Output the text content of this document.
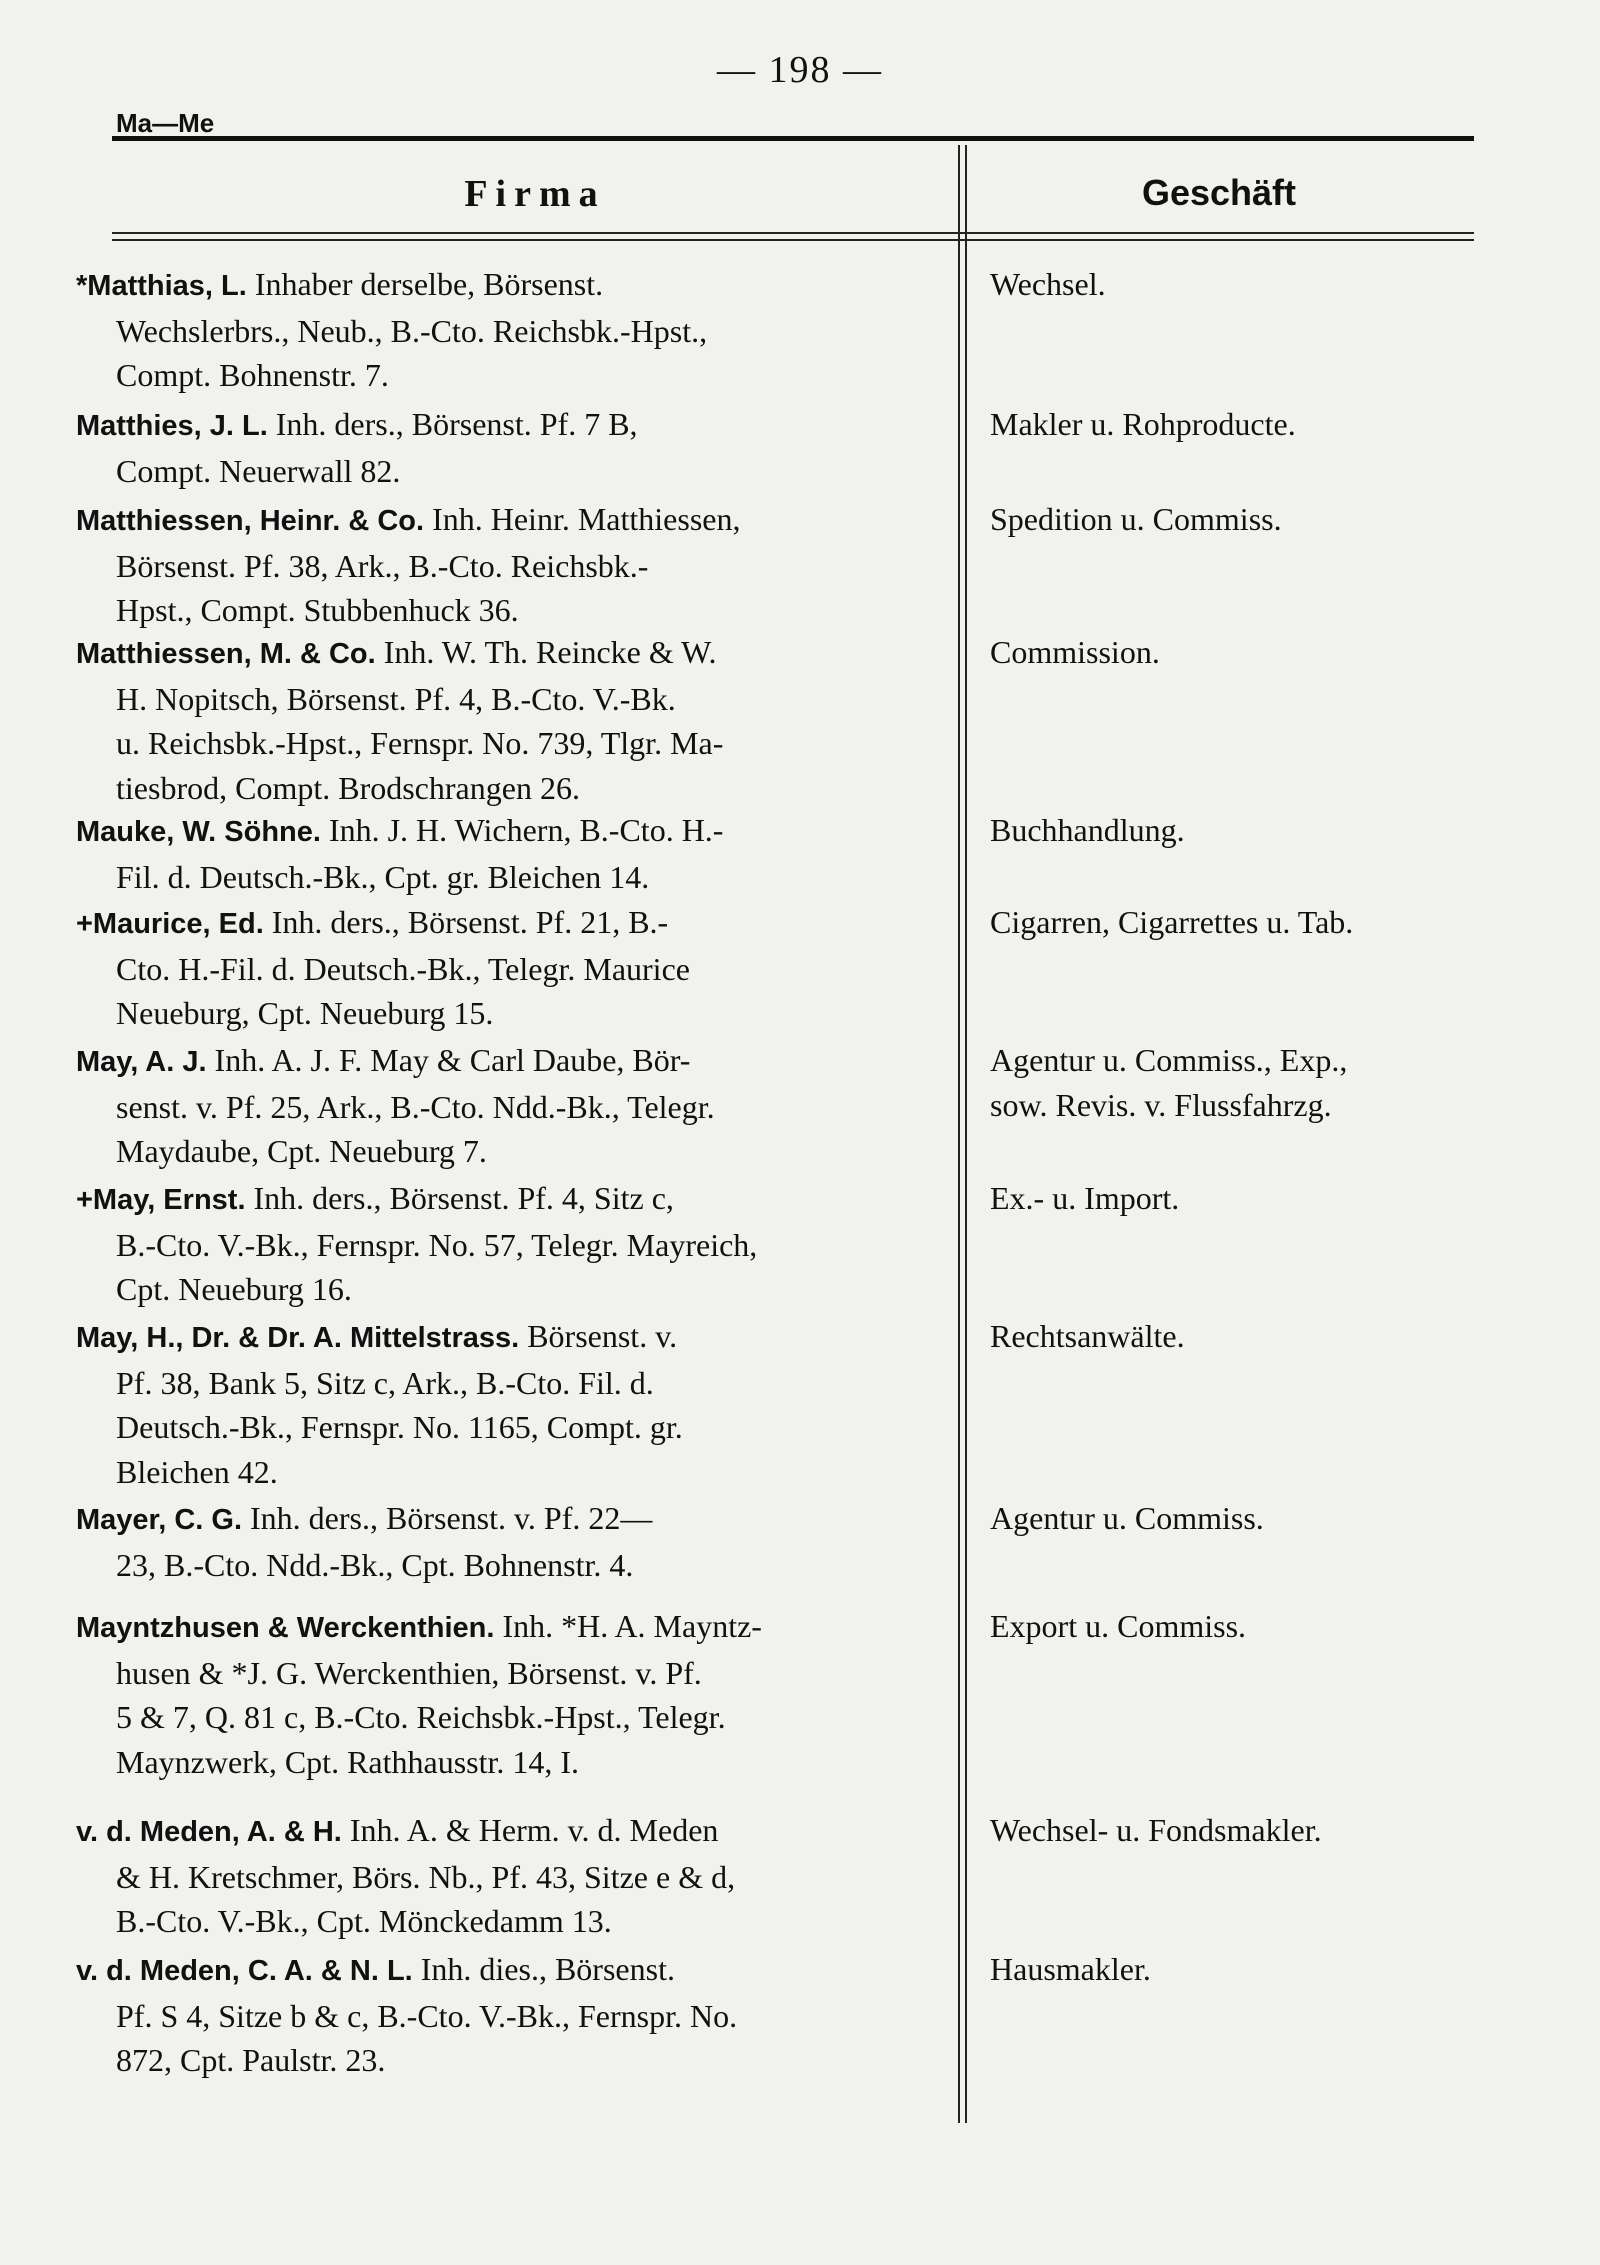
— 198 —
Ma—Me
Firma	Geschäft
*Matthias, L. Inhaber derselbe, Börsenst.
Wechslerbrs., Neub., B.-Cto. Reichsbk.-Hpst.,
Compt. Bohnenstr. 7.
Wechsel.
Matthies, J. L. Inh. ders., Börsenst. Pf. 7 B,
Compt. Neuerwall 82.
Makler u. Rohproducte.
Matthiessen, Heinr. & Co. Inh. Heinr. Matthiessen,
Börsenst. Pf. 38, Ark., B.-Cto. Reichsbk.-
Hpst., Compt. Stubbenhuck 36.
Spedition u. Commiss.
Matthiessen, M. & Co. Inh. W. Th. Reincke & W.
H. Nopitsch, Börsenst. Pf. 4, B.-Cto. V.-Bk.
u. Reichsbk.-Hpst., Fernspr. No. 739, Tlgr. Ma-
tiesbrod, Compt. Brodschrangen 26.
Commission.
Mauke, W. Söhne. Inh. J. H. Wichern, B.-Cto. H.-
Fil. d. Deutsch.-Bk., Cpt. gr. Bleichen 14.
Buchhandlung.
+Maurice, Ed. Inh. ders., Börsenst. Pf. 21, B.-
Cto. H.-Fil. d. Deutsch.-Bk., Telegr. Maurice
Neueburg, Cpt. Neueburg 15.
Cigarren, Cigarrettes u. Tab.
May, A. J. Inh. A. J. F. May & Carl Daube, Bör-
senst. v. Pf. 25, Ark., B.-Cto. Ndd.-Bk., Telegr.
Maydaube, Cpt. Neueburg 7.
Agentur u. Commiss., Exp.,
sow. Revis. v. Flussfahrzg.
+May, Ernst. Inh. ders., Börsenst. Pf. 4, Sitz c,
B.-Cto. V.-Bk., Fernspr. No. 57, Telegr. Mayreich,
Cpt. Neueburg 16.
Ex.- u. Import.
May, H., Dr. & Dr. A. Mittelstrass. Börsenst. v.
Pf. 38, Bank 5, Sitz c, Ark., B.-Cto. Fil. d.
Deutsch.-Bk., Fernspr. No. 1165, Compt. gr.
Bleichen 42.
Rechtsanwälte.
Mayer, C. G. Inh. ders., Börsenst. v. Pf. 22—
23, B.-Cto. Ndd.-Bk., Cpt. Bohnenstr. 4.
Agentur u. Commiss.
Mayntzhusen & Werckenthien. Inh. *H. A. Mayntz-
husen & *J. G. Werckenthien, Börsenst. v. Pf.
5 & 7, Q. 81 c, B.-Cto. Reichsbk.-Hpst., Telegr.
Maynzwerk, Cpt. Rathhausstr. 14, I.
Export u. Commiss.
v. d. Meden, A. & H. Inh. A. & Herm. v. d. Meden
& H. Kretschmer, Börs. Nb., Pf. 43, Sitze e & d,
B.-Cto. V.-Bk., Cpt. Mönckedamm 13.
Wechsel- u. Fondsmakler.
v. d. Meden, C. A. & N. L. Inh. dies., Börsenst.
Pf. S 4, Sitze b & c, B.-Cto. V.-Bk., Fernspr. No.
872, Cpt. Paulstr. 23.
Hausmakler.
